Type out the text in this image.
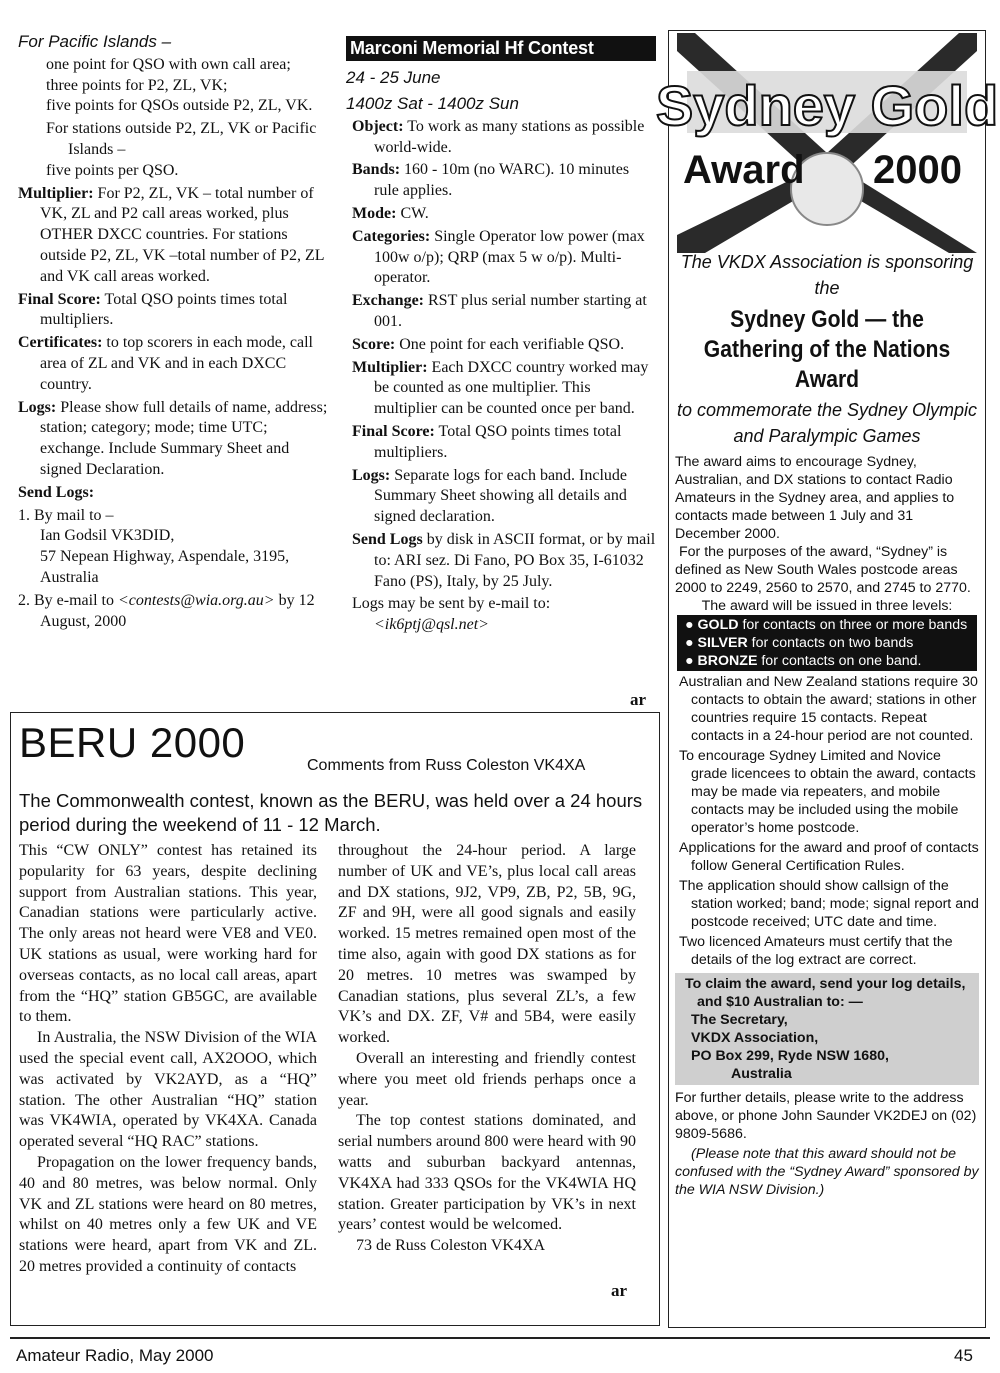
For Pacific Islands –
one point for QSO with own call area;
three points for P2, ZL, VK;
five points for QSOs outside P2, ZL, VK.
For stations outside P2, ZL, VK or Pacific Islands –
five points per QSO.
Multiplier: For P2, ZL, VK – total number of VK, ZL and P2 call areas worked, plus OTHER DXCC countries. For stations outside P2, ZL, VK –total number of P2, ZL and VK call areas worked.
Final Score: Total QSO points times total multipliers.
Certificates: to top scorers in each mode, call area of ZL and VK and in each DXCC country.
Logs: Please show full details of name, address; station; category; mode; time UTC; exchange. Include Summary Sheet and signed Declaration.
Send Logs:
1. By mail to –
Ian Godsil VK3DID,
57 Nepean Highway, Aspendale, 3195, Australia
2. By e-mail to <contests@wia.org.au> by 12 August, 2000
Marconi Memorial Hf Contest
24 - 25 June
1400z Sat - 1400z Sun
Object: To work as many stations as possible world-wide.
Bands: 160 - 10m (no WARC). 10 minutes rule applies.
Mode: CW.
Categories: Single Operator low power (max 100w o/p); QRP (max 5 w o/p). Multi-operator.
Exchange: RST plus serial number starting at 001.
Score: One point for each verifiable QSO.
Multiplier: Each DXCC country worked may be counted as one multiplier. This multiplier can be counted once per band.
Final Score: Total QSO points times total multipliers.
Logs: Separate logs for each band. Include Summary Sheet showing all details and signed declaration.
Send Logs by disk in ASCII format, or by mail to: ARI sez. Di Fano, PO Box 35, I-61032 Fano (PS), Italy, by 25 July.
Logs may be sent by e-mail to:
<ik6ptj@qsl.net>
ar
BERU 2000	Comments from Russ Coleston VK4XA
The Commonwealth contest, known as the BERU, was held over a 24 hours period during the weekend of 11 - 12 March.
This “CW ONLY” contest has retained its popularity for 63 years, despite declining support from Australian stations. This year, Canadian stations were particularly active. The only areas not heard were VE8 and VE0. UK stations as usual, were working hard for overseas contacts, as no local call areas, apart from the “HQ” station GB5GC, are available to them.
In Australia, the NSW Division of the WIA used the special event call, AX2OOO, which was activated by VK2AYD, as a “HQ” station. The other Australian “HQ” station was VK4WIA, operated by VK4XA. Canada operated several “HQ RAC” stations.
Propagation on the lower frequency bands, 40 and 80 metres, was below normal. Only VK and ZL stations were heard on 80 metres, whilst on 40 metres only a few UK and VE stations were heard, apart from VK and ZL. 20 metres provided a continuity of contacts
throughout the 24-hour period. A large number of UK and VE’s, plus local call areas and DX stations, 9J2, VP9, ZB, P2, 5B, 9G, ZF and 9H, were all good signals and easily worked. 15 metres remained open most of the time also, again with good DX stations as for 20 metres. 10 metres was swamped by Canadian stations, plus several ZL’s, a few VK’s and DX. ZF, V# and 5B4, were easily worked.
Overall an interesting and friendly contest where you meet old friends perhaps once a year.
The top contest stations dominated, and serial numbers around 800 were heard with 90 watts and suburban backyard antennas, VK4XA had 333 QSOs for the VK4WIA HQ station. Greater participation by VK’s in next years’ contest would be welcomed.
73 de Russ Coleston VK4XA
ar
Sydney Gold
Award 2000
The VKDX Association is sponsoring the
Sydney Gold — the Gathering of the Nations Award
to commemorate the Sydney Olympic and Paralympic Games
The award aims to encourage Sydney, Australian, and DX stations to contact Radio Amateurs in the Sydney area, and applies to contacts made between 1 July and 31 December 2000.
For the purposes of the award, “Sydney” is defined as New South Wales postcode areas 2000 to 2249, 2560 to 2570, and 2745 to 2770.
The award will be issued in three levels:
● GOLD for contacts on three or more bands
● SILVER for contacts on two bands
● BRONZE for contacts on one band.
Australian and New Zealand stations require 30 contacts to obtain the award; stations in other countries require 15 contacts. Repeat contacts in a 24-hour period are not counted.
To encourage Sydney Limited and Novice grade licencees to obtain the award, contacts may be made via repeaters, and mobile contacts may be included using the mobile operator’s home postcode.
Applications for the award and proof of contacts follow General Certification Rules.
The application should show callsign of the station worked; band; mode; signal report and postcode received; UTC date and time.
Two licenced Amateurs must certify that the details of the log extract are correct.
To claim the award, send your log details, and $10 Australian to: —
The Secretary,
VKDX Association,
PO Box 299, Ryde NSW 1680,
Australia
For further details, please write to the address above, or phone John Saunder VK2DEJ on (02) 9809-5686.
(Please note that this award should not be confused with the “Sydney Award” sponsored by the WIA NSW Division.)
Amateur Radio, May 2000	45
